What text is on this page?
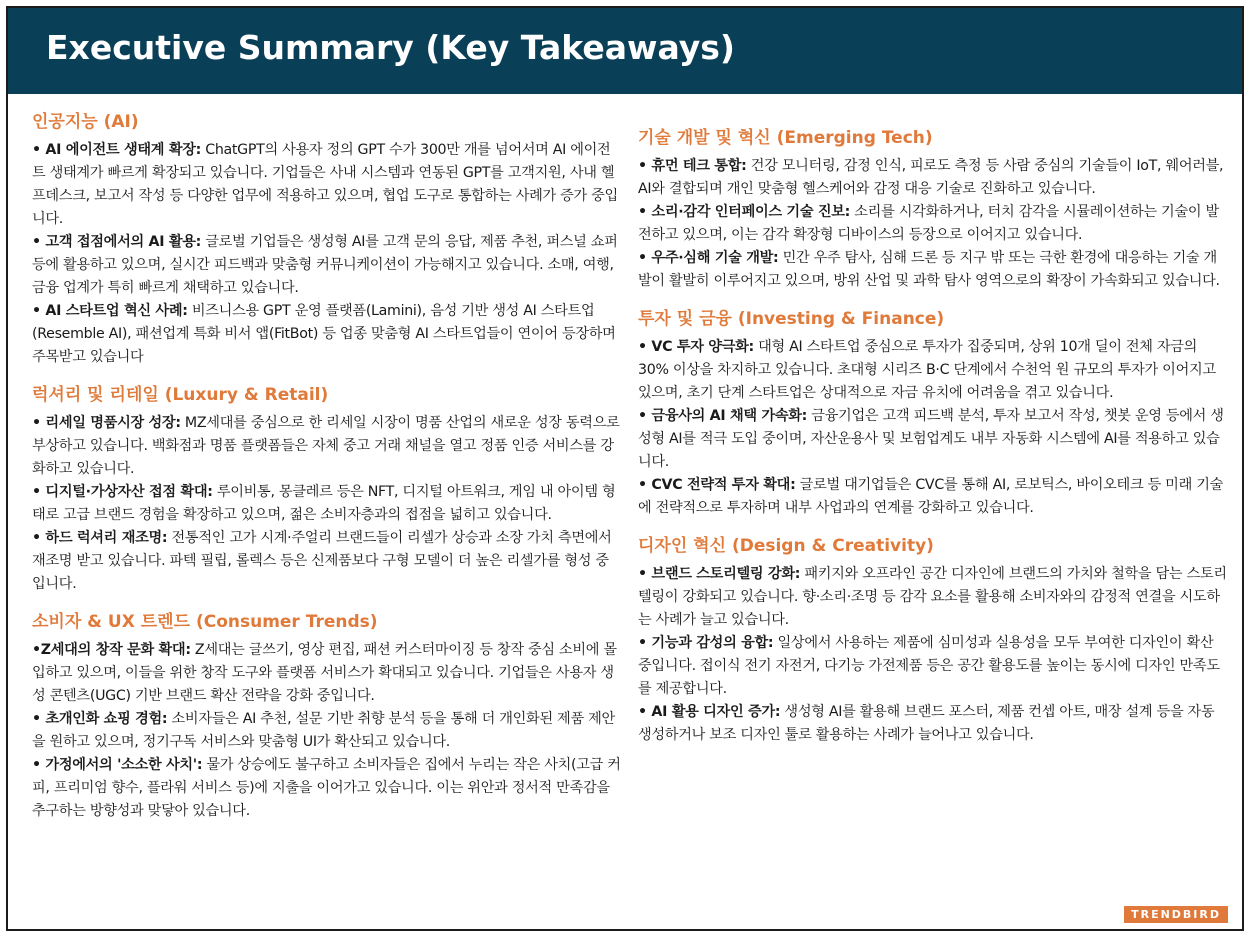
Executive Summary (Key Takeaways)
인공지능 (AI)
• AI 에이전트 생태계 확장: ChatGPT의 사용자 정의 GPT 수가 300만 개를 넘어서며 AI 에이전트 생태계가 빠르게 확장되고 있습니다. 기업들은 사내 시스템과 연동된 GPT를 고객지원, 사내 헬프데스크, 보고서 작성 등 다양한 업무에 적용하고 있으며, 협업 도구로 통합하는 사례가 증가 중입니다.
• 고객 접점에서의 AI 활용: 글로벌 기업들은 생성형 AI를 고객 문의 응답, 제품 추천, 퍼스널 쇼퍼 등에 활용하고 있으며, 실시간 피드백과 맞춤형 커뮤니케이션이 가능해지고 있습니다. 소매, 여행, 금융 업계가 특히 빠르게 채택하고 있습니다.
• AI 스타트업 혁신 사례: 비즈니스용 GPT 운영 플랫폼(Lamini), 음성 기반 생성 AI 스타트업(Resemble AI), 패션업계 특화 비서 앱(FitBot) 등 업종 맞춤형 AI 스타트업들이 연이어 등장하며 주목받고 있습니다
럭셔리 및 리테일 (Luxury & Retail)
• 리세일 명품시장 성장: MZ세대를 중심으로 한 리세일 시장이 명품 산업의 새로운 성장 동력으로 부상하고 있습니다. 백화점과 명품 플랫폼들은 자체 중고 거래 채널을 열고 정품 인증 서비스를 강화하고 있습니다.
• 디지털·가상자산 접점 확대: 루이비통, 몽클레르 등은 NFT, 디지털 아트워크, 게임 내 아이템 형태로 고급 브랜드 경험을 확장하고 있으며, 젊은 소비자층과의 접점을 넓히고 있습니다.
• 하드 럭셔리 재조명: 전통적인 고가 시계·주얼리 브랜드들이 리셀가 상승과 소장 가치 측면에서 재조명 받고 있습니다. 파텍 필립, 롤렉스 등은 신제품보다 구형 모델이 더 높은 리셀가를 형성 중입니다.
소비자 & UX 트렌드 (Consumer Trends)
•Z세대의 창작 문화 확대: Z세대는 글쓰기, 영상 편집, 패션 커스터마이징 등 창작 중심 소비에 몰입하고 있으며, 이들을 위한 창작 도구와 플랫폼 서비스가 확대되고 있습니다. 기업들은 사용자 생성 콘텐츠(UGC) 기반 브랜드 확산 전략을 강화 중입니다.
• 초개인화 쇼핑 경험: 소비자들은 AI 추천, 설문 기반 취향 분석 등을 통해 더 개인화된 제품 제안을 원하고 있으며, 정기구독 서비스와 맞춤형 UI가 확산되고 있습니다.
• 가정에서의 '소소한 사치': 물가 상승에도 불구하고 소비자들은 집에서 누리는 작은 사치(고급 커피, 프리미엄 향수, 플라워 서비스 등)에 지출을 이어가고 있습니다. 이는 위안과 정서적 만족감을 추구하는 방향성과 맞닿아 있습니다.
기술 개발 및 혁신 (Emerging Tech)
• 휴먼 테크 통합: 건강 모니터링, 감정 인식, 피로도 측정 등 사람 중심의 기술들이 IoT, 웨어러블, AI와 결합되며 개인 맞춤형 헬스케어와 감정 대응 기술로 진화하고 있습니다.
• 소리·감각 인터페이스 기술 진보: 소리를 시각화하거나, 터치 감각을 시뮬레이션하는 기술이 발전하고 있으며, 이는 감각 확장형 디바이스의 등장으로 이어지고 있습니다.
• 우주·심해 기술 개발: 민간 우주 탐사, 심해 드론 등 지구 밖 또는 극한 환경에 대응하는 기술 개발이 활발히 이루어지고 있으며, 방위 산업 및 과학 탐사 영역으로의 확장이 가속화되고 있습니다.
투자 및 금융 (Investing & Finance)
• VC 투자 양극화: 대형 AI 스타트업 중심으로 투자가 집중되며, 상위 10개 딜이 전체 자금의 30% 이상을 차지하고 있습니다. 초대형 시리즈 B·C 단계에서 수천억 원 규모의 투자가 이어지고 있으며, 초기 단계 스타트업은 상대적으로 자금 유치에 어려움을 겪고 있습니다.
• 금융사의 AI 채택 가속화: 금융기업은 고객 피드백 분석, 투자 보고서 작성, 챗봇 운영 등에서 생성형 AI를 적극 도입 중이며, 자산운용사 및 보험업계도 내부 자동화 시스템에 AI를 적용하고 있습니다.
• CVC 전략적 투자 확대: 글로벌 대기업들은 CVC를 통해 AI, 로보틱스, 바이오테크 등 미래 기술에 전략적으로 투자하며 내부 사업과의 연계를 강화하고 있습니다.
디자인 혁신 (Design & Creativity)
• 브랜드 스토리텔링 강화: 패키지와 오프라인 공간 디자인에 브랜드의 가치와 철학을 담는 스토리텔링이 강화되고 있습니다. 향·소리·조명 등 감각 요소를 활용해 소비자와의 감정적 연결을 시도하는 사례가 늘고 있습니다.
• 기능과 감성의 융합: 일상에서 사용하는 제품에 심미성과 실용성을 모두 부여한 디자인이 확산 중입니다. 접이식 전기 자전거, 다기능 가전제품 등은 공간 활용도를 높이는 동시에 디자인 만족도를 제공합니다.
• AI 활용 디자인 증가: 생성형 AI를 활용해 브랜드 포스터, 제품 컨셉 아트, 매장 설계 등을 자동 생성하거나 보조 디자인 툴로 활용하는 사례가 늘어나고 있습니다.
TRENDBIRD
